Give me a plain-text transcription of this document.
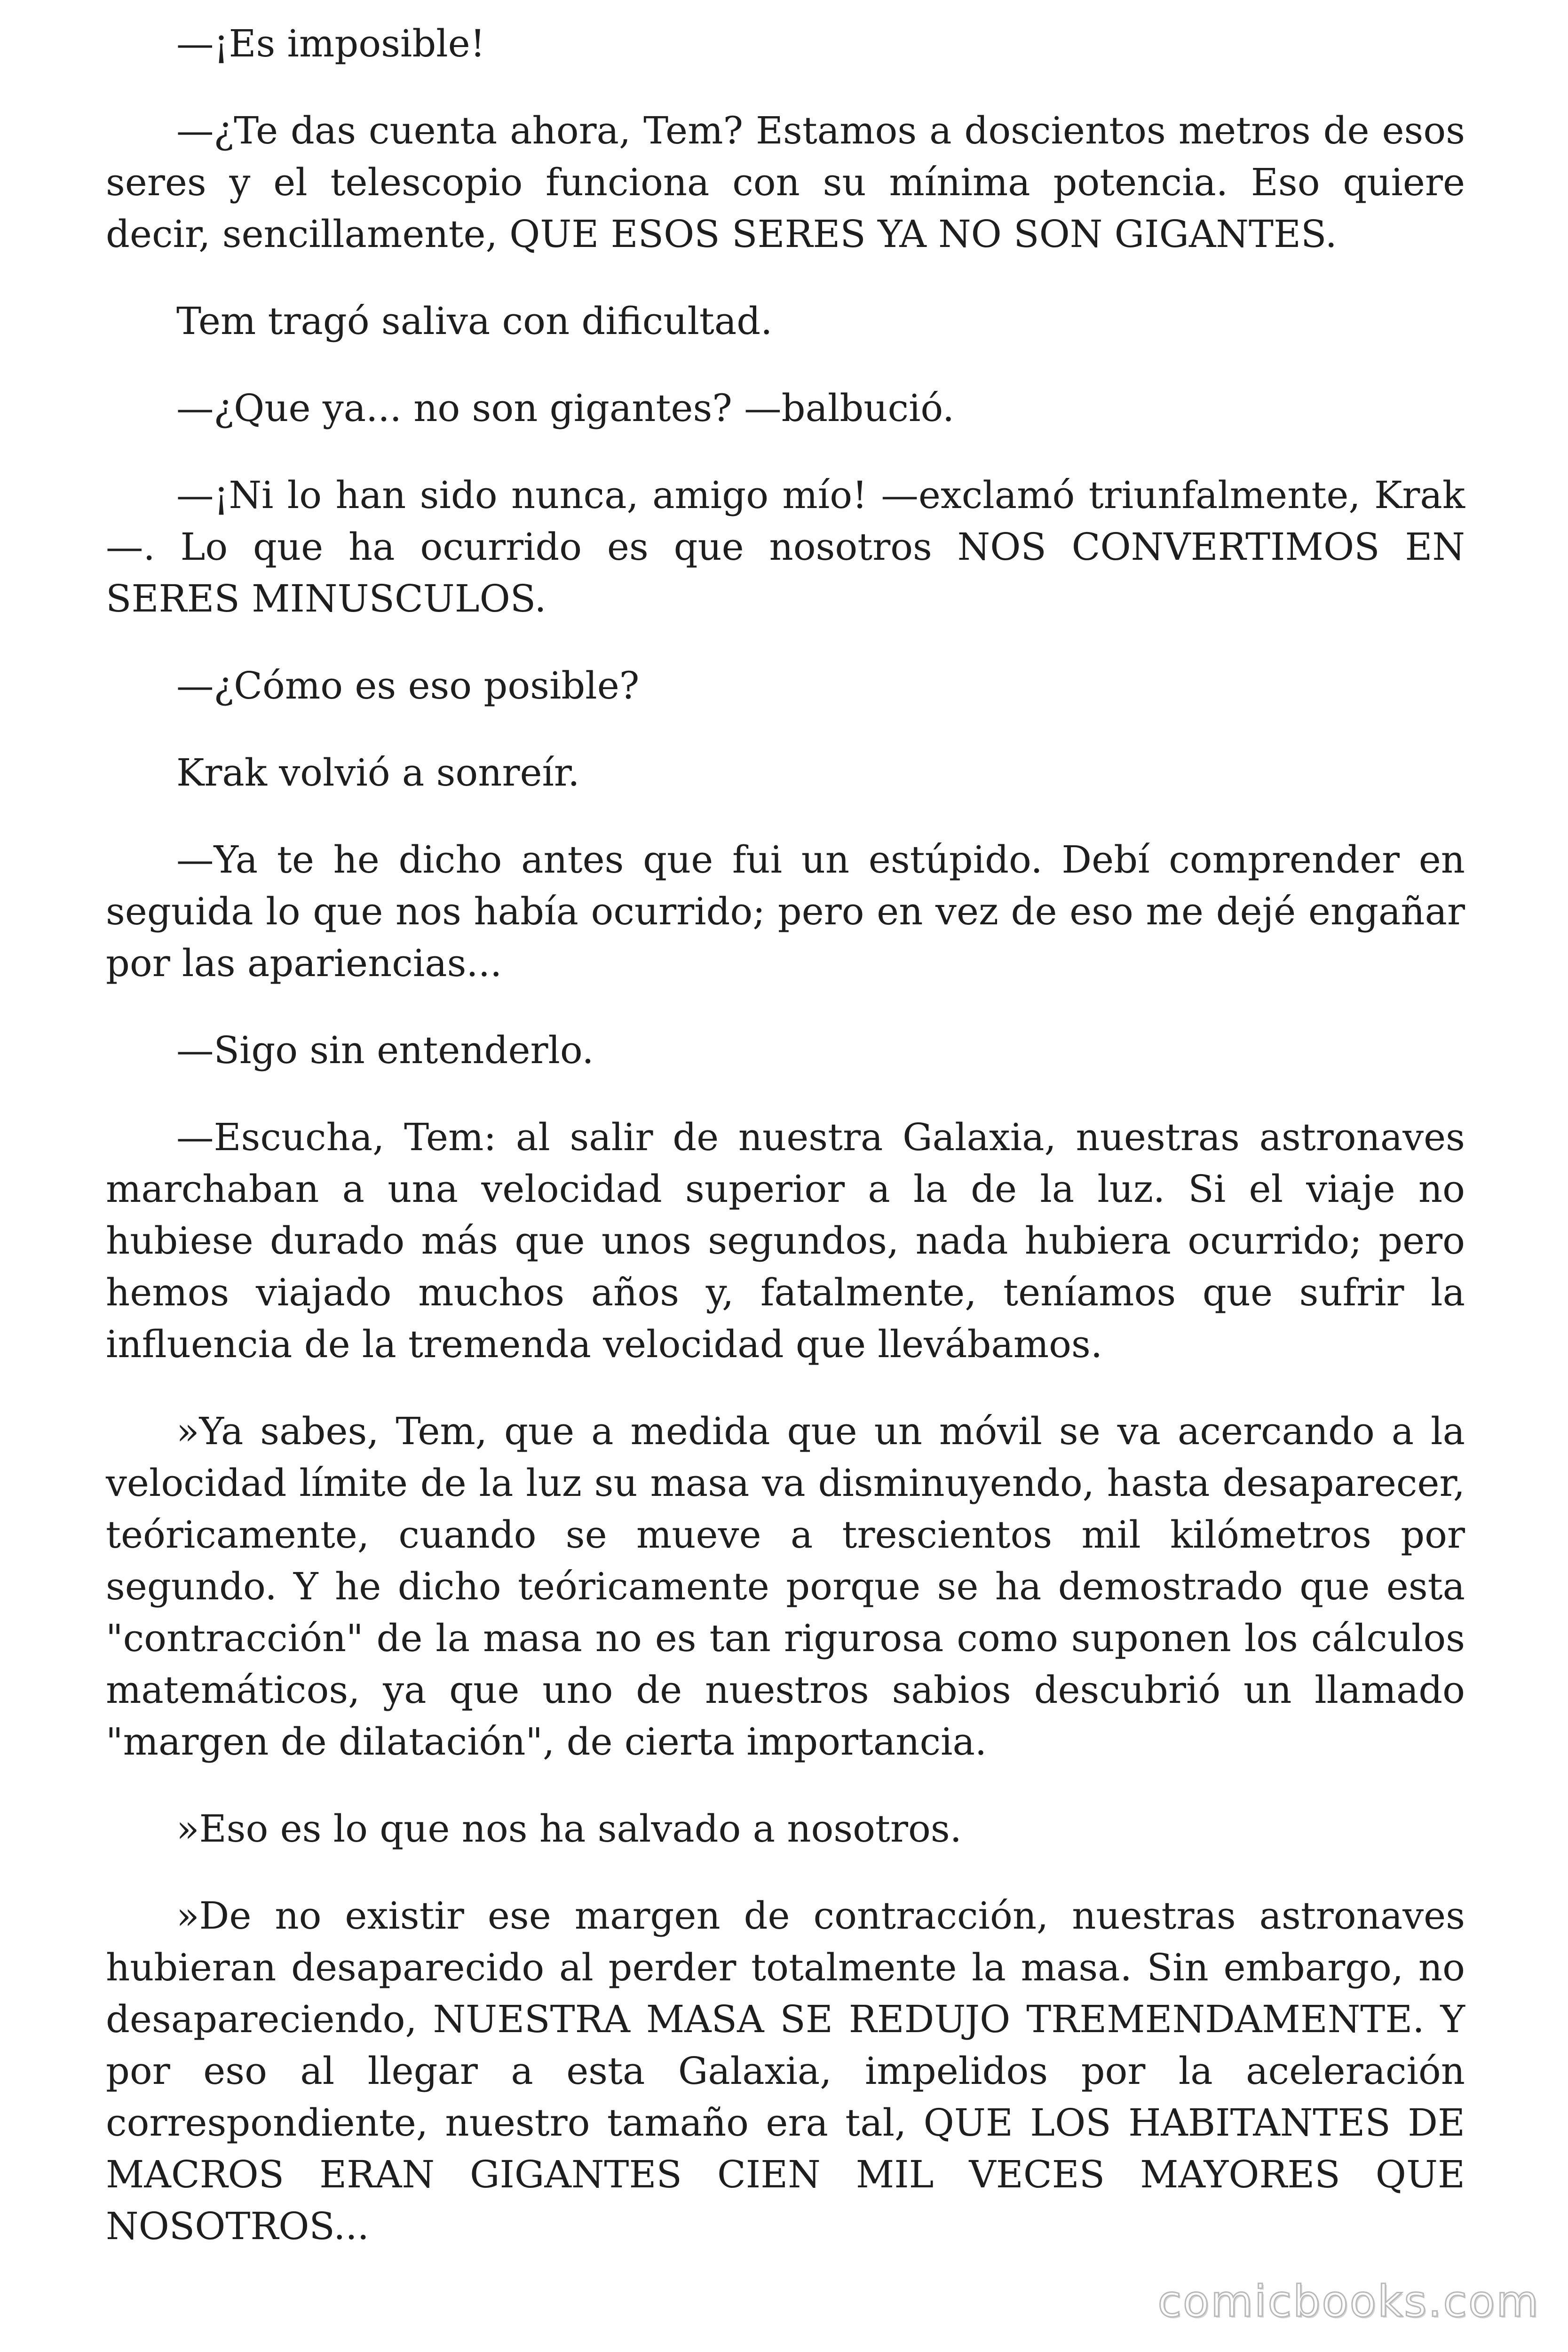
—¡Es imposible!

—¿Te das cuenta ahora, Tem? Estamos a doscientos metros de esos seres y el telescopio funciona con su mínima potencia. Eso quiere decir, sencillamente, QUE ESOS SERES YA NO SON GIGANTES.

Tem tragó saliva con dificultad.

—¿Que ya... no son gigantes? —balbució.

—¡Ni lo han sido nunca, amigo mío! —exclamó triunfalmente, Krak—. Lo que ha ocurrido es que nosotros NOS CONVERTIMOS EN SERES MINUSCULOS.

—¿Cómo es eso posible?

Krak volvió a sonreír.

—Ya te he dicho antes que fui un estúpido. Debí comprender en seguida lo que nos había ocurrido; pero en vez de eso me dejé engañar por las apariencias...

—Sigo sin entenderlo.

—Escucha, Tem: al salir de nuestra Galaxia, nuestras astronaves marchaban a una velocidad superior a la de la luz. Si el viaje no hubiese durado más que unos segundos, nada hubiera ocurrido; pero hemos viajado muchos años y, fatalmente, teníamos que sufrir la influencia de la tremenda velocidad que llevábamos.

»Ya sabes, Tem, que a medida que un móvil se va acercando a la velocidad límite de la luz su masa va disminuyendo, hasta desaparecer, teóricamente, cuando se mueve a trescientos mil kilómetros por segundo. Y he dicho teóricamente porque se ha demostrado que esta "contracción" de la masa no es tan rigurosa como suponen los cálculos matemáticos, ya que uno de nuestros sabios descubrió un llamado "margen de dilatación", de cierta importancia.

»Eso es lo que nos ha salvado a nosotros.

»De no existir ese margen de contracción, nuestras astronaves hubieran desaparecido al perder totalmente la masa. Sin embargo, no desapareciendo, NUESTRA MASA SE REDUJO TREMENDAMENTE. Y por eso al llegar a esta Galaxia, impelidos por la aceleración correspondiente, nuestro tamaño era tal, QUE LOS HABITANTES DE MACROS ERAN GIGANTES CIEN MIL VECES MAYORES QUE NOSOTROS...

comicbooks.com
